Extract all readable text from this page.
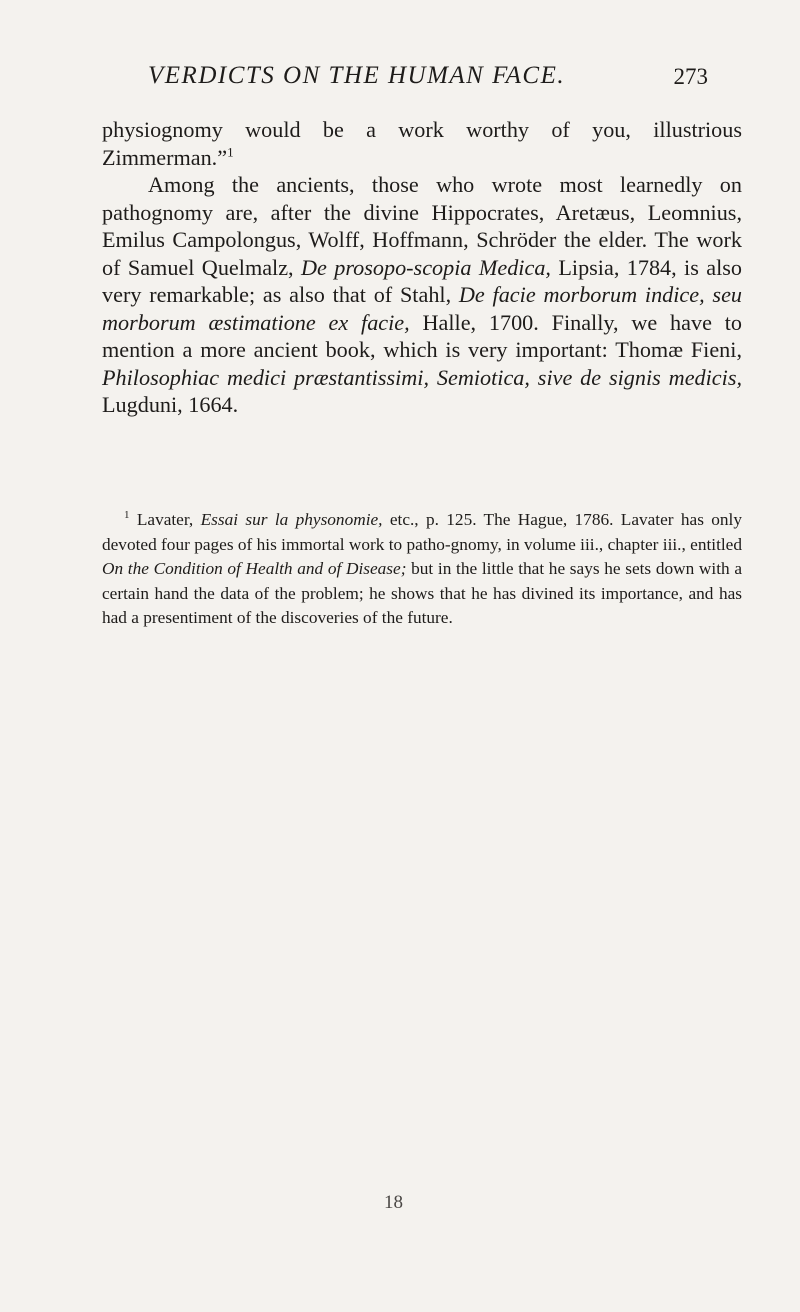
VERDICTS ON THE HUMAN FACE.	273

physiognomy would be a work worthy of you, illustrious Zimmerman.”$^1$

Among the ancients, those who wrote most learnedly on pathognomy are, after the divine Hippocrates, Aretæus, Leomnius, Emilus Campolongus, Wolff, Hoffmann, Schröder the elder. The work of Samuel Quelmalz, De prosopo-scopia Medica, Lipsia, 1784, is also very remarkable; as also that of Stahl, De facie morborum indice, seu morborum æstimatione ex facie, Halle, 1700. Finally, we have to mention a more ancient book, which is very important: Thomæ Fieni, Philosophiac medici præstantissimi, Semiotica, sive de signis medicis, Lugduni, 1664.

$^1$ Lavater, Essai sur la physonomie, etc., p. 125. The Hague, 1786. Lavater has only devoted four pages of his immortal work to patho-gnomy, in volume iii., chapter iii., entitled On the Condition of Health and of Disease; but in the little that he says he sets down with a certain hand the data of the problem; he shows that he has divined its importance, and has had a presentiment of the discoveries of the future.

18
